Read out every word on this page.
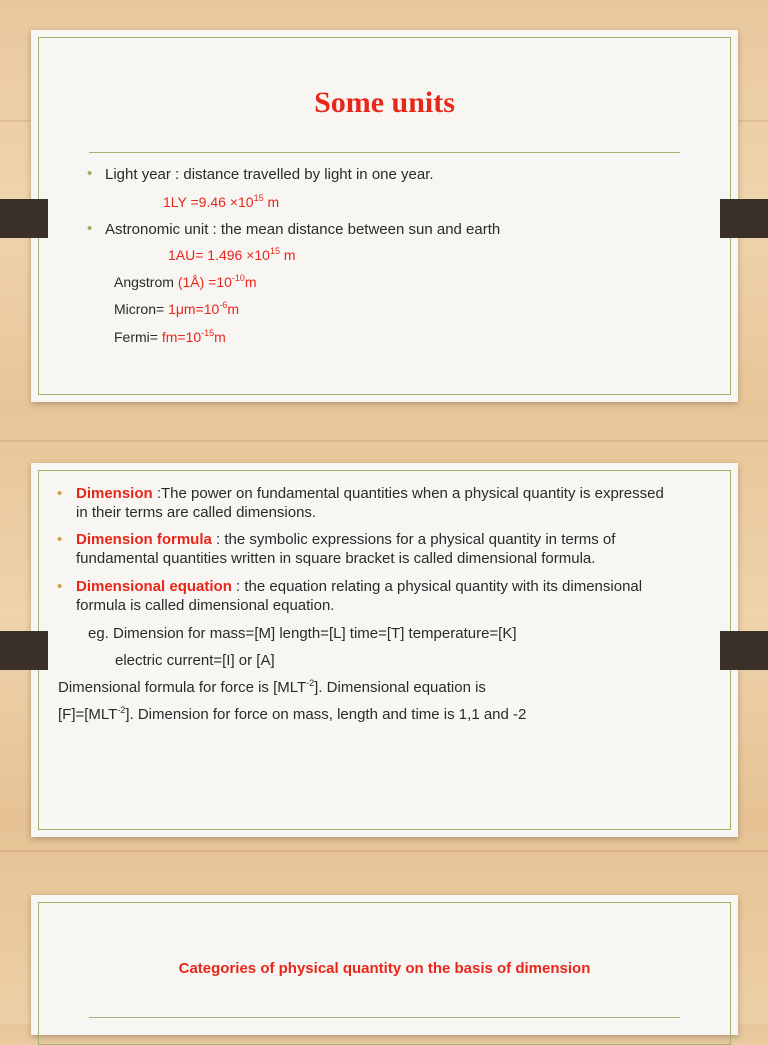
Some units
• Light year : distance travelled by light in one year.
$1LY =9.46 \times 10^{15}$ m
• Astronomic unit : the mean distance between sun and earth
$1AU= 1.496 \times 10^{15}$ m
Angstrom (1Å) $=10^{-10}m$
Micron= $1\mu m=10^{-6}m$
Fermi= $fm=10^{-15}m$
• Dimension :The power on fundamental quantities when a physical quantity is expressed
in their terms are called dimensions.
• Dimension formula : the symbolic expressions for a physical quantity in terms of
fundamental quantities written in square bracket is called dimensional formula.
• Dimensional equation : the equation relating a physical quantity with its dimensional
formula is called dimensional equation.
eg. Dimension for mass=[M] length=[L] time=[T] temperature=[K]
electric current=[I] or [A]
Dimensional formula for force is $[MLT^{-2}]$. Dimensional equation is
$[F]=[MLT^{-2}]$. Dimension for force on mass, length and time is 1,1 and -2
Categories of physical quantity on the basis of dimension
